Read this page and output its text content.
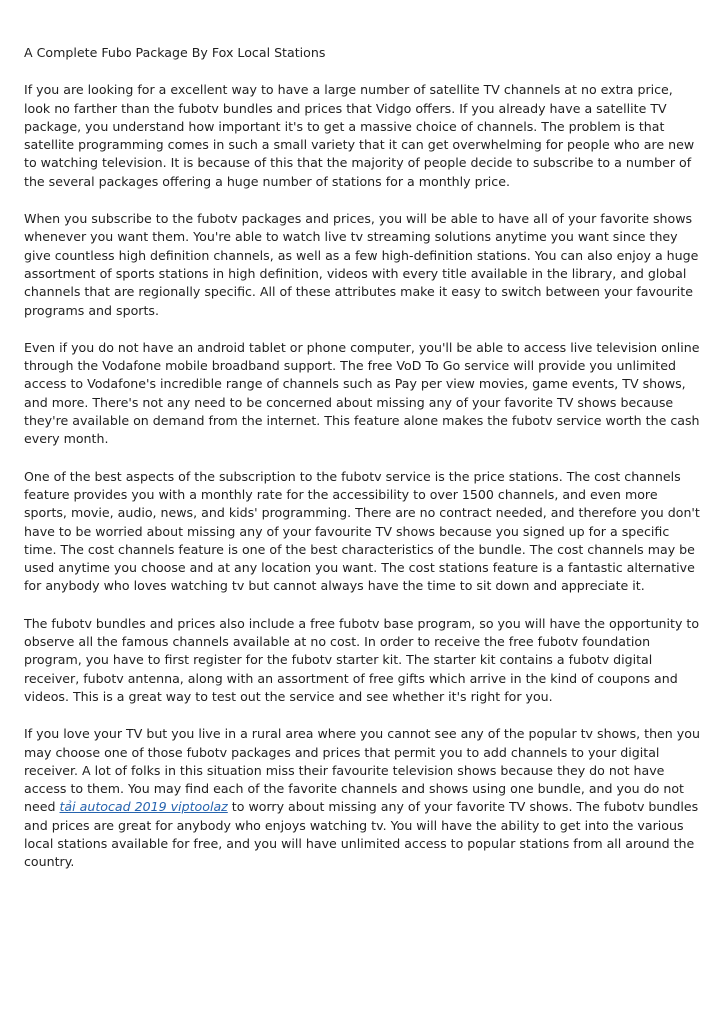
A Complete Fubo Package By Fox Local Stations

If you are looking for a excellent way to have a large number of satellite TV channels at no extra price, look no farther than the fubotv bundles and prices that Vidgo offers. If you already have a satellite TV package, you understand how important it's to get a massive choice of channels. The problem is that satellite programming comes in such a small variety that it can get overwhelming for people who are new to watching television. It is because of this that the majority of people decide to subscribe to a number of the several packages offering a huge number of stations for a monthly price.

When you subscribe to the fubotv packages and prices, you will be able to have all of your favorite shows whenever you want them. You're able to watch live tv streaming solutions anytime you want since they give countless high definition channels, as well as a few high-definition stations. You can also enjoy a huge assortment of sports stations in high definition, videos with every title available in the library, and global channels that are regionally specific. All of these attributes make it easy to switch between your favourite programs and sports.

Even if you do not have an android tablet or phone computer, you'll be able to access live television online through the Vodafone mobile broadband support. The free VoD To Go service will provide you unlimited access to Vodafone's incredible range of channels such as Pay per view movies, game events, TV shows, and more. There's not any need to be concerned about missing any of your favorite TV shows because they're available on demand from the internet. This feature alone makes the fubotv service worth the cash every month.

One of the best aspects of the subscription to the fubotv service is the price stations. The cost channels feature provides you with a monthly rate for the accessibility to over 1500 channels, and even more sports, movie, audio, news, and kids' programming. There are no contract needed, and therefore you don't have to be worried about missing any of your favourite TV shows because you signed up for a specific time. The cost channels feature is one of the best characteristics of the bundle. The cost channels may be used anytime you choose and at any location you want. The cost stations feature is a fantastic alternative for anybody who loves watching tv but cannot always have the time to sit down and appreciate it.

The fubotv bundles and prices also include a free fubotv base program, so you will have the opportunity to observe all the famous channels available at no cost. In order to receive the free fubotv foundation program, you have to first register for the fubotv starter kit. The starter kit contains a fubotv digital receiver, fubotv antenna, along with an assortment of free gifts which arrive in the kind of coupons and videos. This is a great way to test out the service and see whether it's right for you.

If you love your TV but you live in a rural area where you cannot see any of the popular tv shows, then you may choose one of those fubotv packages and prices that permit you to add channels to your digital receiver. A lot of folks in this situation miss their favourite television shows because they do not have access to them. You may find each of the favorite channels and shows using one bundle, and you do not need tải autocad 2019 viptoolaz to worry about missing any of your favorite TV shows. The fubotv bundles and prices are great for anybody who enjoys watching tv. You will have the ability to get into the various local stations available for free, and you will have unlimited access to popular stations from all around the country.
